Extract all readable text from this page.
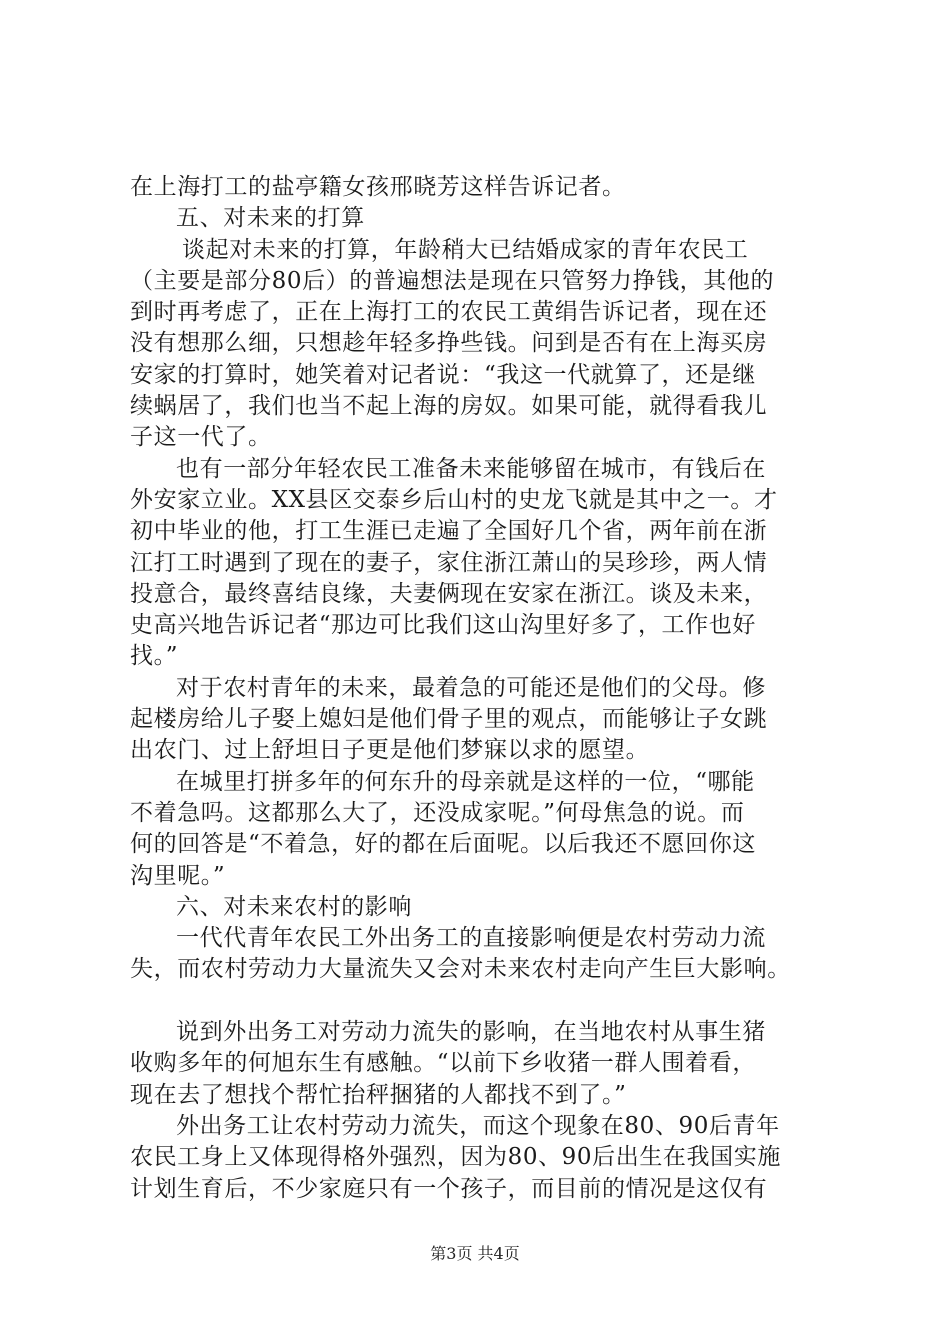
在上海打工的盐亭籍女孩邢晓芳这样告诉记者。
五、对未来的打算
谈起对未来的打算，年龄稍大已结婚成家的青年农民工
（主要是部分80后）的普遍想法是现在只管努力挣钱，其他的
到时再考虑了，正在上海打工的农民工黄绢告诉记者，现在还
没有想那么细，只想趁年轻多挣些钱。问到是否有在上海买房
安家的打算时，她笑着对记者说：“我这一代就算了，还是继
续蜗居了，我们也当不起上海的房奴。如果可能，就得看我儿
子这一代了。
也有一部分年轻农民工准备未来能够留在城市，有钱后在
外安家立业。XX县区交泰乡后山村的史龙飞就是其中之一。才
初中毕业的他，打工生涯已走遍了全国好几个省，两年前在浙
江打工时遇到了现在的妻子，家住浙江萧山的吴珍珍，两人情
投意合，最终喜结良缘，夫妻俩现在安家在浙江。谈及未来，
史高兴地告诉记者“那边可比我们这山沟里好多了，工作也好
找。”
对于农村青年的未来，最着急的可能还是他们的父母。修
起楼房给儿子娶上媳妇是他们骨子里的观点，而能够让子女跳
出农门、过上舒坦日子更是他们梦寐以求的愿望。
在城里打拼多年的何东升的母亲就是这样的一位，“哪能
不着急吗。这都那么大了，还没成家呢。”何母焦急的说。而
何的回答是“不着急，好的都在后面呢。以后我还不愿回你这
沟里呢。”
六、对未来农村的影响
一代代青年农民工外出务工的直接影响便是农村劳动力流
失，而农村劳动力大量流失又会对未来农村走向产生巨大影响。
说到外出务工对劳动力流失的影响，在当地农村从事生猪
收购多年的何旭东生有感触。“以前下乡收猪一群人围着看，
现在去了想找个帮忙抬秤捆猪的人都找不到了。”
外出务工让农村劳动力流失，而这个现象在80、90后青年
农民工身上又体现得格外强烈，因为80、90后出生在我国实施
计划生育后，不少家庭只有一个孩子，而目前的情况是这仅有
第3页 共4页
